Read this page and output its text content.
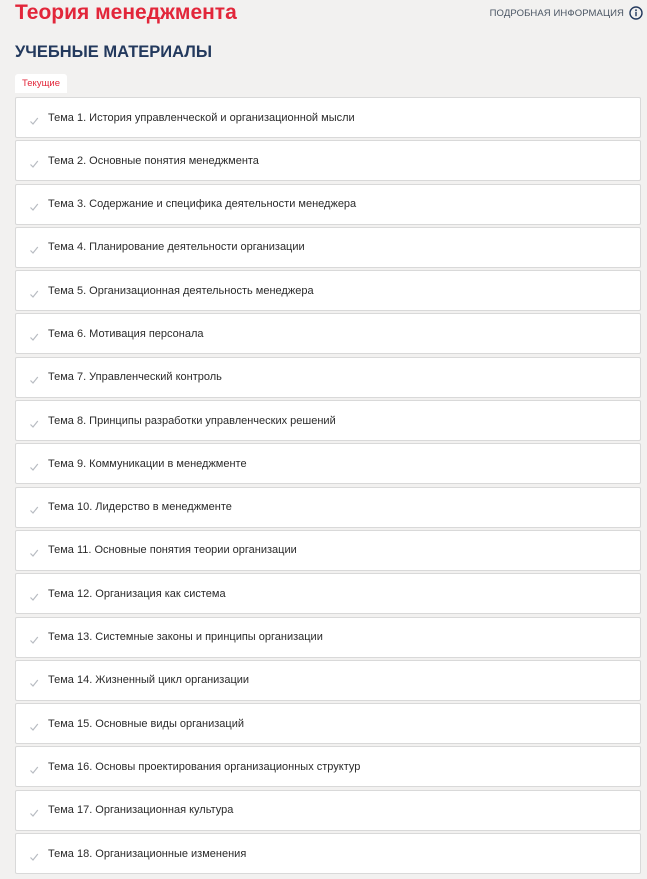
Теория менеджмента	ПОДРОБНАЯ ИНФОРМАЦИЯ
УЧЕБНЫЕ МАТЕРИАЛЫ
Текущие
Тема 1. История управленческой и организационной мысли
Тема 2. Основные понятия менеджмента
Тема 3. Содержание и специфика деятельности менеджера
Тема 4. Планирование деятельности организации
Тема 5. Организационная деятельность менеджера
Тема 6. Мотивация персонала
Тема 7. Управленческий контроль
Тема 8. Принципы разработки управленческих решений
Тема 9. Коммуникации в менеджменте
Тема 10. Лидерство в менеджменте
Тема 11. Основные понятия теории организации
Тема 12. Организация как система
Тема 13. Системные законы и принципы организации
Тема 14. Жизненный цикл организации
Тема 15. Основные виды организаций
Тема 16. Основы проектирования организационных структур
Тема 17. Организационная культура
Тема 18. Организационные изменения
